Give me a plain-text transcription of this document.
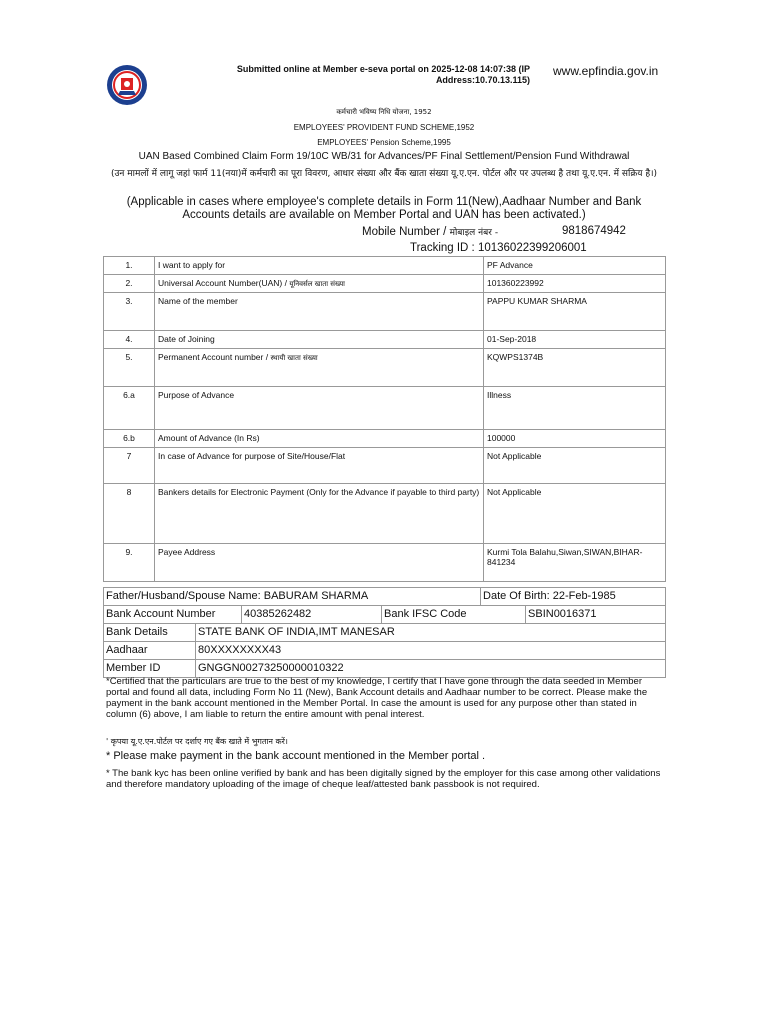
Submitted online at Member e-seva portal on 2025-12-08 14:07:38 (IP Address:10.70.13.115)
www.epfindia.gov.in
कर्मचारी भविष्य निधि योजना, 1952
EMPLOYEES' PROVIDENT FUND SCHEME,1952
EMPLOYEES' Pension Scheme,1995
UAN Based Combined Claim Form 19/10C WB/31 for Advances/PF Final Settlement/Pension Fund Withdrawal
(उन मामलों में लागू जहां फार्म 11(नया)में कर्मचारी का पूरा विवरण, आधार संख्या और बैंक खाता संख्या यू.ए.एन. पोर्टल और पर उपलब्ध है तथा यू.ए.एन. में सक्रिय है।)
(Applicable in cases where employee's complete details in Form 11(New),Aadhaar Number and Bank Accounts details are available on Member Portal and UAN has been activated.)
Mobile Number / मोबाइल नंबर -	9818674942
Tracking ID : 10136022399206001
1.	I want to apply for	PF Advance
2.	Universal Account Number(UAN) / यूनिवर्सल खाता संख्या	101360223992
3.	Name of the member	PAPPU KUMAR SHARMA
4.	Date of Joining	01-Sep-2018
5.	Permanent Account number / स्थायी खाता संख्या	KQWPS1374B
6.a	Purpose of Advance	Illness
6.b	Amount of Advance (In Rs)	100000
7	In case of Advance for purpose of Site/House/Flat	Not Applicable
8	Bankers details for Electronic Payment (Only for the Advance if payable to third party)	Not Applicable
9.	Payee Address	Kurmi Tola Balahu,Siwan,SIWAN,BIHAR-841234
Father/Husband/Spouse Name: BABURAM SHARMA				Date Of Birth: 22-Feb-1985	
Bank Account Number		40385262482	Bank IFSC Code		SBIN0016371
Bank Details	STATE BANK OF INDIA,IMT MANESAR				
Aadhaar	80XXXXXXXX43				
Member ID	GNGGN00273250000010322				
*Certified that the particulars are true to the best of my knowledge, I certify that I have gone through the data seeded in Member portal and found all data, including Form No 11 (New), Bank Account details and Aadhaar number to be correct. Please make the payment in the bank account mentioned in the Member Portal. In case the amount is used for any purpose other than stated in column (6) above, I am liable to return the entire amount with penal interest.
' कृपया यू.ए.एन.पोर्टल पर दर्शाए गए बैंक खाते में भुगतान करें।
* Please make payment in the bank account mentioned in the Member portal .
* The bank kyc has been online verified by bank and has been digitally signed by the employer for this case among other validations and therefore mandatory uploading of the image of cheque leaf/attested bank passbook is not required.
